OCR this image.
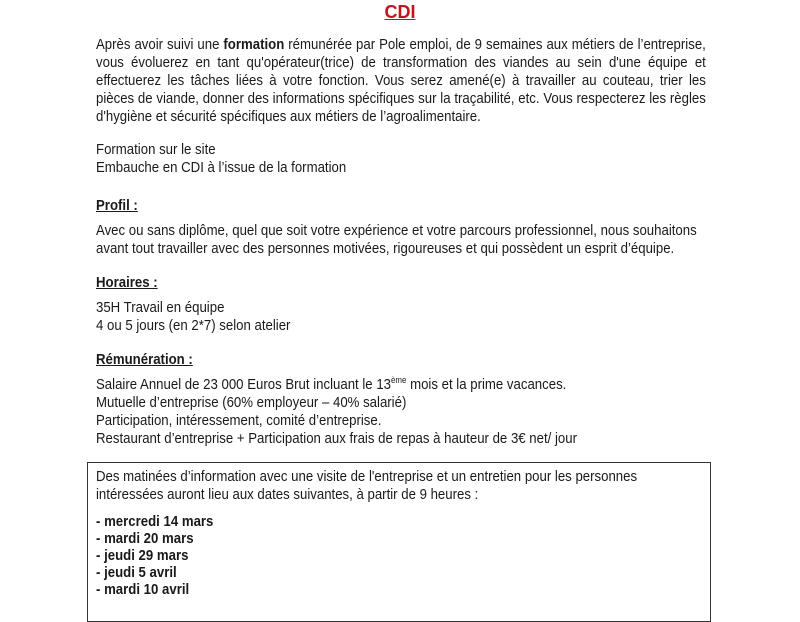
CDI

Après avoir suivi une formation rémunérée par Pole emploi, de 9 semaines aux métiers de l’entreprise, vous évoluerez en tant qu'opérateur(trice) de transformation des viandes au sein d'une équipe et effectuerez les tâches liées à votre fonction. Vous serez amené(e) à travailler au couteau, trier les pièces de viande, donner des informations spécifiques sur la traçabilité, etc. Vous respecterez les règles d'hygiène et sécurité spécifiques aux métiers de l’agroalimentaire.

Formation sur le site
Embauche en CDI à l’issue de la formation
Profil :
Avec ou sans diplôme, quel que soit votre expérience et votre parcours professionnel, nous souhaitons avant tout travailler avec des personnes motivées, rigoureuses et qui possèdent un esprit d’équipe.
Horaires :
35H Travail en équipe
4 ou 5 jours (en 2*7) selon atelier
Rémunération :
Salaire Annuel de 23 000 Euros Brut incluant le 13ème mois et la prime vacances.
Mutuelle d’entreprise (60% employeur – 40% salarié)
Participation, intéressement, comité d’entreprise.
Restaurant d’entreprise + Participation aux frais de repas à hauteur de 3€ net/ jour
Des matinées d’information avec une visite de l'entreprise et un entretien pour les personnes intéressées auront lieu aux dates suivantes, à partir de 9 heures :
- mercredi 14 mars
- mardi 20 mars
- jeudi 29 mars
- jeudi 5 avril
- mardi 10 avril
